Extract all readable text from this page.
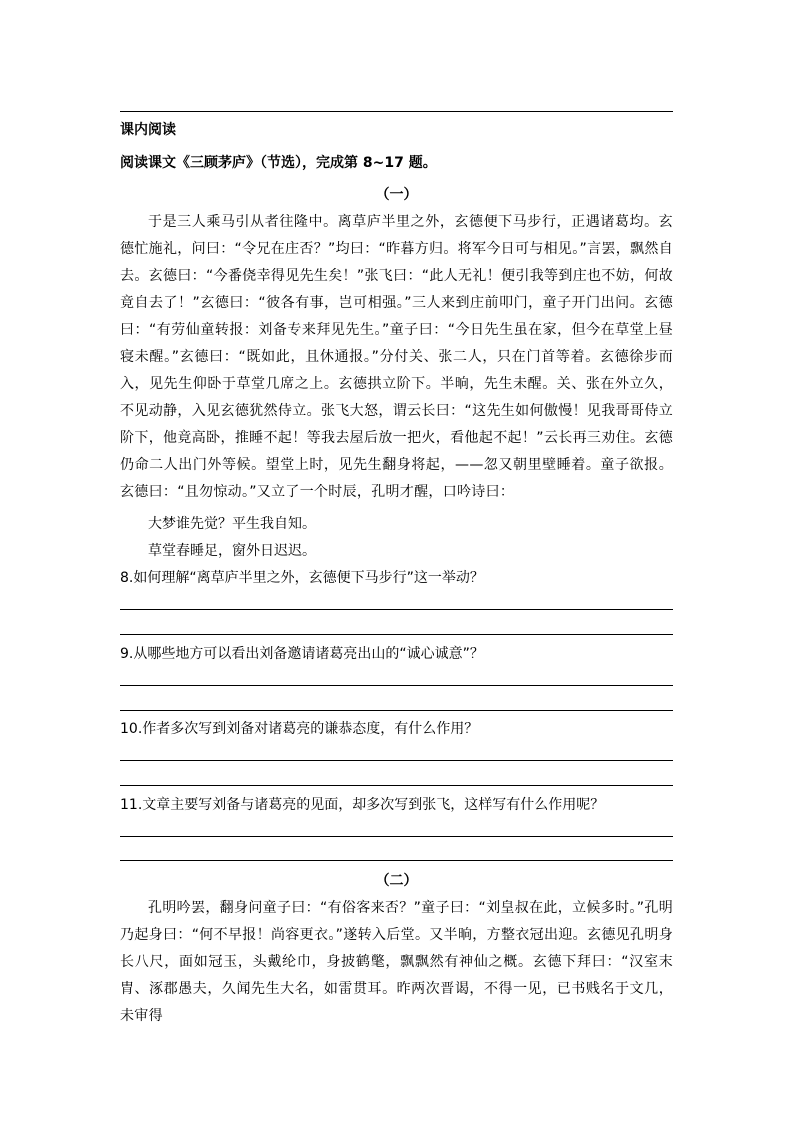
课内阅读
阅读课文《三顾茅庐》（节选），完成第 8~17 题。
（一）

于是三人乘马引从者往隆中。离草庐半里之外，玄德便下马步行，正遇诸葛均。玄德忙施礼，问曰：“令兄在庄否？”均曰：“昨暮方归。将军今日可与相见。”言罢，飘然自去。玄德曰：“今番侥幸得见先生矣！”张飞曰：“此人无礼！便引我等到庄也不妨，何故竟自去了！”玄德曰：“彼各有事，岂可相强。”三人来到庄前叩门，童子开门出问。玄德曰：“有劳仙童转报：刘备专来拜见先生。”童子曰：“今日先生虽在家，但今在草堂上昼寝未醒。”玄德曰：“既如此，且休通报。”分付关、张二人，只在门首等着。玄德徐步而入，见先生仰卧于草堂几席之上。玄德拱立阶下。半晌，先生未醒。关、张在外立久，不见动静，入见玄德犹然侍立。张飞大怒，谓云长曰：“这先生如何傲慢！见我哥哥侍立阶下，他竟高卧，推睡不起！等我去屋后放一把火，看他起不起！”云长再三劝住。玄德仍命二人出门外等候。望堂上时，见先生翻身将起，——忽又朝里壁睡着。童子欲报。玄德曰：“且勿惊动。”又立了一个时辰，孔明才醒，口吟诗曰：

大梦谁先觉？平生我自知。

草堂春睡足，窗外日迟迟。

8.如何理解“离草庐半里之外，玄德便下马步行”这一举动？

9.从哪些地方可以看出刘备邀请诸葛亮出山的“诚心诚意”？

10.作者多次写到刘备对诸葛亮的谦恭态度，有什么作用？

11.文章主要写刘备与诸葛亮的见面，却多次写到张飞，这样写有什么作用呢？

（二）

孔明吟罢，翻身问童子曰：“有俗客来否？”童子曰：“刘皇叔在此，立候多时。”孔明乃起身曰：“何不早报！尚容更衣。”遂转入后堂。又半晌，方整衣冠出迎。玄德见孔明身长八尺，面如冠玉，头戴纶巾，身披鹤氅，飘飘然有神仙之概。玄德下拜曰：“汉室末胄、涿郡愚夫，久闻先生大名，如雷贯耳。昨两次晋谒，不得一见，已书贱名于文几，未审得
